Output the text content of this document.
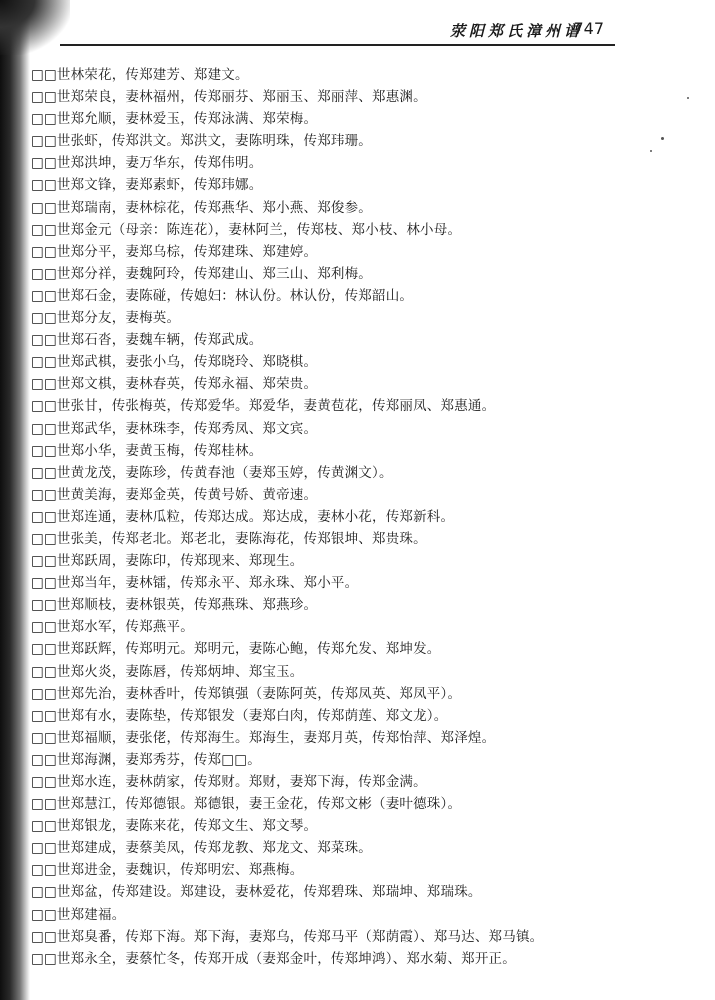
荥阳郑氏漳州谱
747
□□世林荣花，传郑建芳、郑建文。
□□世郑荣良，妻林福州，传郑丽芬、郑丽玉、郑丽萍、郑惠渊。
□□世郑允顺，妻林爱玉，传郑泳满、郑荣梅。
□□世张虾，传郑洪文。郑洪文，妻陈明珠，传郑玮珊。
□□世郑洪坤，妻万华东，传郑伟明。
□□世郑文锋，妻郑素虾，传郑玮娜。
□□世郑瑞南，妻林棕花，传郑燕华、郑小燕、郑俊参。
□□世郑金元（母亲：陈连花），妻林阿兰，传郑枝、郑小枝、林小母。
□□世郑分平，妻郑乌棕，传郑建珠、郑建婷。
□□世郑分祥，妻魏阿玲，传郑建山、郑三山、郑利梅。
□□世郑石金，妻陈碰，传媳妇：林认份。林认份，传郑韶山。
□□世郑分友，妻梅英。
□□世郑石沓，妻魏车辆，传郑武成。
□□世郑武棋，妻张小乌，传郑晓玲、郑晓棋。
□□世郑文棋，妻林春英，传郑永福、郑荣贵。
□□世张甘，传张梅英，传郑爱华。郑爱华，妻黄苞花，传郑丽凤、郑惠通。
□□世郑武华，妻林珠李，传郑秀凤、郑文宾。
□□世郑小华，妻黄玉梅，传郑桂林。
□□世黄龙茂，妻陈珍，传黄春池（妻郑玉婷，传黄渊文）。
□□世黄美海，妻郑金英，传黄号娇、黄帝速。
□□世郑连通，妻林瓜粒，传郑达成。郑达成，妻林小花，传郑新科。
□□世张美，传郑老北。郑老北，妻陈海花，传郑银坤、郑贵珠。
□□世郑跃周，妻陈印，传郑现来、郑现生。
□□世郑当年，妻林镭，传郑永平、郑永珠、郑小平。
□□世郑顺枝，妻林银英，传郑燕珠、郑燕珍。
□□世郑水军，传郑燕平。
□□世郑跃辉，传郑明元。郑明元，妻陈心鲍，传郑允发、郑坤发。
□□世郑火炎，妻陈唇，传郑炳坤、郑宝玉。
□□世郑先治，妻林香叶，传郑镇强（妻陈阿英，传郑凤英、郑凤平）。
□□世郑有水，妻陈垫，传郑银发（妻郑白肉，传郑荫莲、郑文龙）。
□□世郑福顺，妻张佬，传郑海生。郑海生，妻郑月英，传郑怡萍、郑泽煌。
□□世郑海渊，妻郑秀芬，传郑□□。
□□世郑水连，妻林荫家，传郑财。郑财，妻郑下海，传郑金满。
□□世郑慧江，传郑德银。郑德银，妻王金花，传郑文彬（妻叶德珠）。
□□世郑银龙，妻陈来花，传郑文生、郑文琴。
□□世郑建成，妻蔡美凤，传郑龙教、郑龙文、郑菜珠。
□□世郑进金，妻魏识，传郑明宏、郑燕梅。
□□世郑盆，传郑建设。郑建设，妻林爱花，传郑碧珠、郑瑞坤、郑瑞珠。
□□世郑建福。
□□世郑臭番，传郑下海。郑下海，妻郑乌，传郑马平（郑荫霞）、郑马达、郑马镇。
□□世郑永全，妻蔡忙冬，传郑开成（妻郑金叶，传郑坤鸿）、郑水菊、郑开正。
